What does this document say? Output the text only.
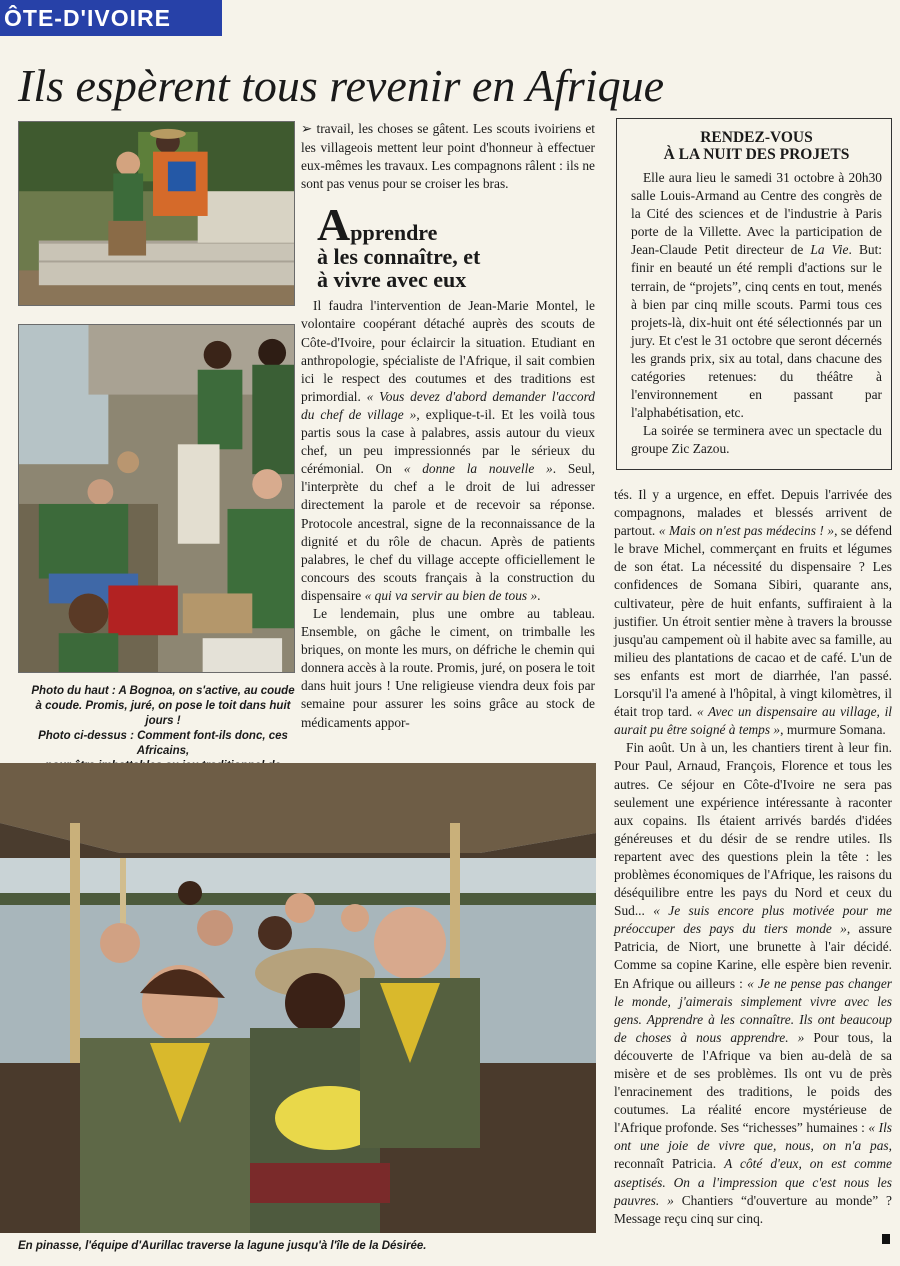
ÔTE-D'IVOIRE
Ils espèrent tous revenir en Afrique
Photo du haut : A Bognoa, on s'active, au coude
à coude. Promis, juré, on pose le toit dans huit jours !
Photo ci-dessus : Comment font-ils donc, ces Africains,

➢ travail, les choses se gâtent. Les scouts ivoiriens et les villageois mettent leur point d'honneur à effectuer eux-mêmes les travaux. Les compagnons râlent : ils ne sont pas venus pour se croiser les bras.

Apprendre
à les connaître, et
à vivre avec eux

Il faudra l'intervention de Jean-Marie Montel, le volontaire coopérant détaché auprès des scouts de Côte-d'Ivoire, pour éclaircir la situation. Etudiant en anthropologie, spécialiste de l'Afrique, il sait combien ici le respect des coutumes et des traditions est primordial. « Vous devez d'abord demander l'accord du chef de village », explique-t-il. Et les voilà tous partis sous la case à palabres, assis autour du vieux chef, un peu impressionnés par le sérieux du cérémonial. On « donne la nouvelle ». Seul, l'interprète du chef a le droit de lui adresser directement la parole et de recevoir sa réponse. Protocole ancestral, signe de la reconnaissance de la dignité et du rôle de chacun. Après de patients palabres, le chef du village accepte officiellement le concours des scouts français à la construction du dispensaire « qui va servir au bien de tous ».

Le lendemain, plus une ombre au tableau. Ensemble, on gâche le ciment, on trimballe les briques, on monte les murs, on défriche le chemin qui donnera accès à la route. Promis, juré, on posera le toit dans huit jours ! Une religieuse viendra deux fois par semaine pour assurer les soins grâce au stock de médicaments appor-

RENDEZ-VOUS
À LA NUIT DES PROJETS

Elle aura lieu le samedi 31 octobre à 20h30 salle Louis-Armand au Centre des congrès de la Cité des sciences et de l'industrie à Paris porte de la Villette. Avec la participation de Jean-Claude Petit directeur de La Vie. But: finir en beauté un été rempli d'actions sur le terrain, de “projets”, cinq cents en tout, menés à bien par cinq mille scouts. Parmi tous ces projets-là, dix-huit ont été sélectionnés par un jury. Et c'est le 31 octobre que seront décernés les grands prix, six au total, dans chacune des catégories retenues: du théâtre à l'environnement en passant par l'alphabétisation, etc.

La soirée se terminera avec un spectacle du groupe Zic Zazou.

tés. Il y a urgence, en effet. Depuis l'arrivée des compagnons, malades et blessés arrivent de partout. « Mais on n'est pas médecins ! », se défend le brave Michel, commerçant en fruits et légumes de son état. La nécessité du dispensaire ? Les confidences de Somana Sibiri, quarante ans, cultivateur, père de huit enfants, suffiraient à la justifier. Un étroit sentier mène à travers la brousse jusqu'au campement où il habite avec sa famille, au milieu des plantations de cacao et de café. L'un de ses enfants est mort de diarrhée, l'an passé. Lorsqu'il l'a amené à l'hôpital, à vingt kilomètres, il était trop tard. « Avec un dispensaire au village, il aurait pu être soigné à temps », murmure Somana.

Fin août. Un à un, les chantiers tirent à leur fin. Pour Paul, Arnaud, François, Florence et tous les autres. Ce séjour en Côte-d'Ivoire ne sera pas seulement une expérience intéressante à raconter aux copains. Ils étaient arrivés bardés d'idées généreuses et du désir de se rendre utiles. Ils repartent avec des questions plein la tête : les problèmes économiques de l'Afrique, les raisons du déséquilibre entre les pays du Nord et ceux du Sud... « Je suis encore plus motivée pour me préoccuper des pays du tiers monde », assure Patricia, de Niort, une brunette à l'air décidé. Comme sa copine Karine, elle espère bien revenir. En Afrique ou ailleurs : « Je ne pense pas changer le monde, j'aimerais simplement vivre avec les gens. Apprendre à les connaître. Ils ont beaucoup de choses à nous apprendre. » Pour tous, la découverte de l'Afrique va bien au-delà de sa misère et de ses problèmes. Ils ont vu de près l'enracinement des traditions, le poids des coutumes. La réalité encore mystérieuse de l'Afrique profonde. Ses “richesses” humaines : « Ils ont une joie de vivre que, nous, on n'a pas, reconnaît Patricia. A côté d'eux, on est comme aseptisés. On a l'impression que c'est nous les pauvres. » Chantiers “d'ouverture au monde” ? Message reçu cinq sur cinq.

En pinasse, l'équipe d'Aurillac traverse la lagune jusqu'à l'île de la Désirée.
